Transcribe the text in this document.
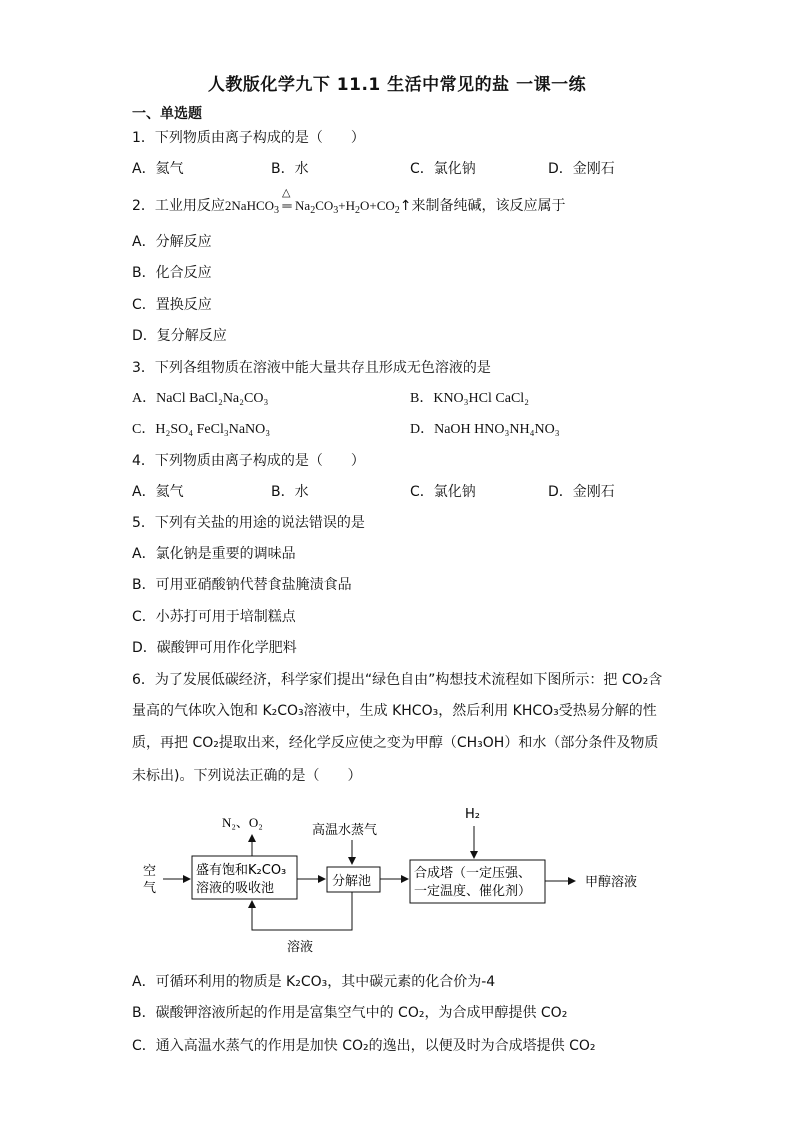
人教版化学九下 11.1 生活中常见的盐 一课一练
一、单选题
1．下列物质由离子构成的是（　　）
A．氦气	B．水	C．氯化钠	D．金刚石
2．工业用反应2NaHCO$_3$
△
═ $Na_2CO_3+H_2O+CO_2↑$来制备纯碱，该反应属于
A．分解反应
B．化合反应
C．置换反应
D．复分解反应
3．下列各组物质在溶液中能大量共存且形成无色溶液的是
A．NaCl BaCl₂Na₂CO₃	B．KNO₃HCl CaCl₂
C．H₂SO₄ FeCl₃NaNO₃	D．NaOH HNO₃NH₄NO₃
4．下列物质由离子构成的是（　　）
A．氦气	B．水	C．氯化钠	D．金刚石
5．下列有关盐的用途的说法错误的是
A．氯化钠是重要的调味品
B．可用亚硝酸钠代替食盐腌渍食品
C．小苏打可用于培制糕点
D．碳酸钾可用作化学肥料
6．为了发展低碳经济，科学家们提出“绿色自由”构想技术流程如下图所示：把 CO₂含
量高的气体吹入饱和 K₂CO₃溶液中，生成 KHCO₃，然后利用 KHCO₃受热易分解的性
质，再把 CO₂提取出来，经化学反应使之变为甲醇（CH₃OH）和水（部分条件及物质
未标出)。下列说法正确的是（　　）
空
气
盛有饱和K₂CO₃
溶液的吸收池
N₂、O₂
高温水蒸气
分解池
H₂
合成塔（一定压强、
一定温度、催化剂）
甲醇溶液
溶液
A．可循环利用的物质是 K₂CO₃，其中碳元素的化合价为-4
B．碳酸钾溶液所起的作用是富集空气中的 CO₂，为合成甲醇提供 CO₂
C．通入高温水蒸气的作用是加快 CO₂的逸出，以便及时为合成塔提供 CO₂
